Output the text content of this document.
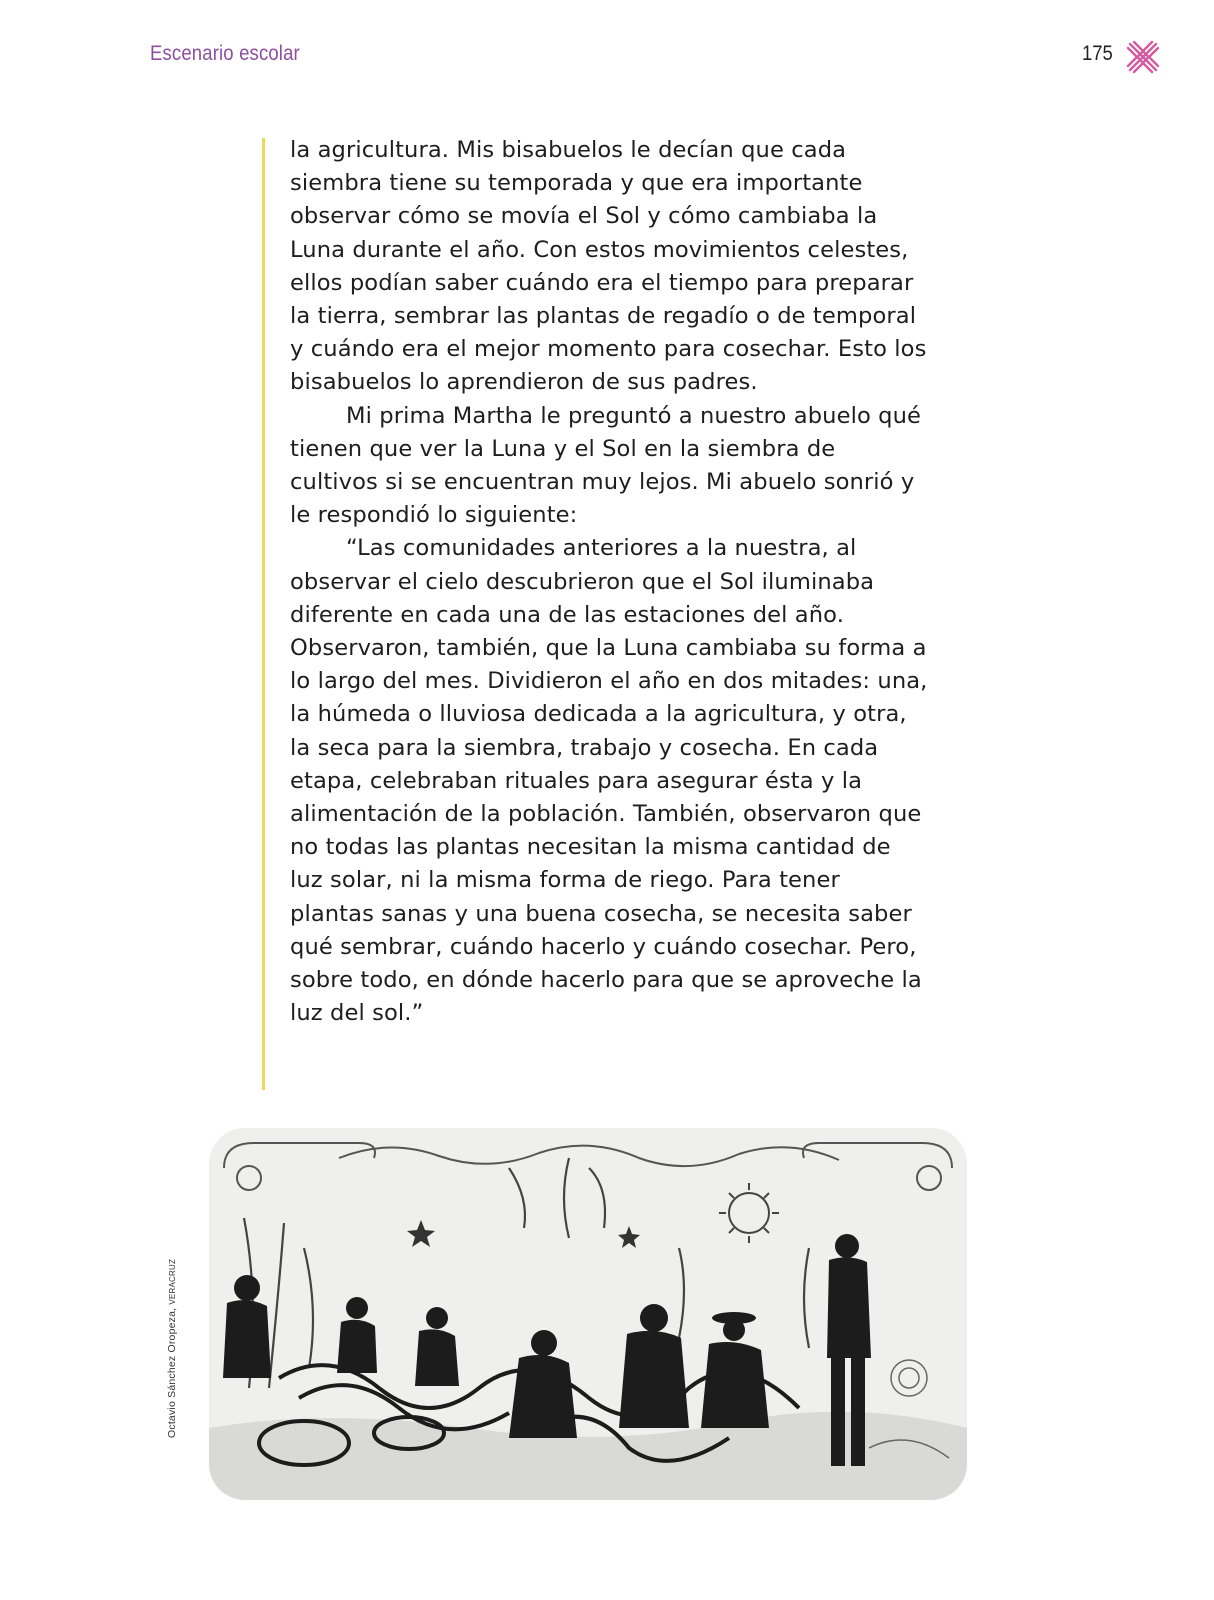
Escenario escolar	175

la agricultura. Mis bisabuelos le decían que cada siembra tiene su temporada y que era importante observar cómo se movía el Sol y cómo cambiaba la Luna durante el año. Con estos movimientos celestes, ellos podían saber cuándo era el tiempo para preparar la tierra, sembrar las plantas de regadío o de temporal y cuándo era el mejor momento para cosechar. Esto los bisabuelos lo aprendieron de sus padres.

Mi prima Martha le preguntó a nuestro abuelo qué tienen que ver la Luna y el Sol en la siembra de cultivos si se encuentran muy lejos. Mi abuelo sonrió y le respondió lo siguiente:

“Las comunidades anteriores a la nuestra, al observar el cielo descubrieron que el Sol iluminaba diferente en cada una de las estaciones del año. Observaron, también, que la Luna cambiaba su forma a lo largo del mes. Dividieron el año en dos mitades: una, la húmeda o lluviosa dedicada a la agricultura, y otra, la seca para la siembra, trabajo y cosecha. En cada etapa, celebraban rituales para asegurar ésta y la alimentación de la población. También, observaron que no todas las plantas necesitan la misma cantidad de luz solar, ni la misma forma de riego. Para tener plantas sanas y una buena cosecha, se necesita saber qué sembrar, cuándo hacerlo y cuándo cosechar. Pero, sobre todo, en dónde hacerlo para que se aproveche la luz del sol.”

Octavio Sánchez Oropeza, VERACRUZ
